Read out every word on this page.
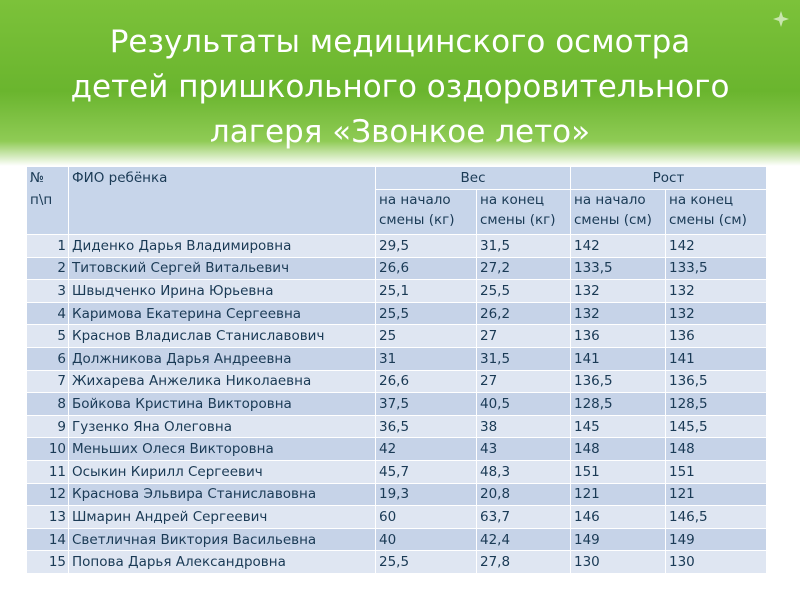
Результаты медицинского осмотра
детей пришкольного оздоровительного
лагеря «Звонкое лето»
№ п\п	ФИО ребёнка	Вес		Рост	
		на начало смены (кг)	на конец смены (кг)	на начало смены (см)	на конец смены (см)
1	Диденко Дарья Владимировна	29,5	31,5	142	142
2	Титовский Сергей Витальевич	26,6	27,2	133,5	133,5
3	Швыдченко Ирина Юрьевна	25,1	25,5	132	132
4	Каримова Екатерина Сергеевна	25,5	26,2	132	132
5	Краснов Владислав Станиславович	25	27	136	136
6	Должникова Дарья Андреевна	31	31,5	141	141
7	Жихарева Анжелика Николаевна	26,6	27	136,5	136,5
8	Бойкова Кристина Викторовна	37,5	40,5	128,5	128,5
9	Гузенко Яна Олеговна	36,5	38	145	145,5
10	Меньших Олеся Викторовна	42	43	148	148
11	Осыкин Кирилл Сергеевич	45,7	48,3	151	151
12	Краснова Эльвира Станиславовна	19,3	20,8	121	121
13	Шмарин Андрей Сергеевич	60	63,7	146	146,5
14	Светличная Виктория Васильевна	40	42,4	149	149
15	Попова Дарья Александровна	25,5	27,8	130	130
